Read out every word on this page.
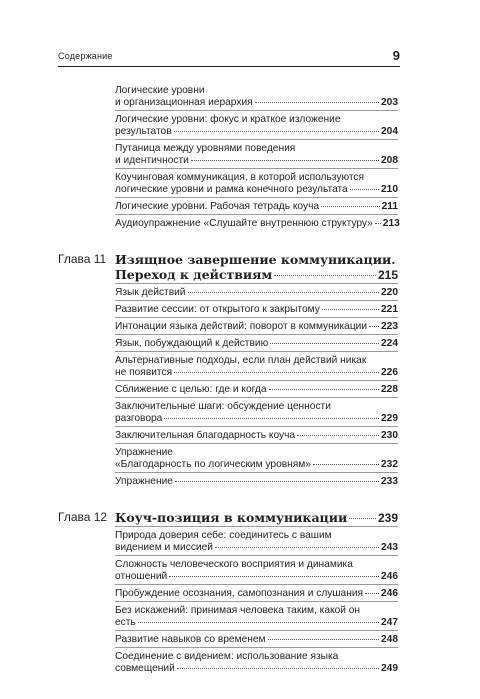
Содержание	9
Логические уровни
и организационная иерархия	203
Логические уровни: фокус и краткое изложение
результатов	204
Путаница между уровнями поведения
и идентичности	208
Коучинговая коммуникация, в которой используются
логические уровни и рамка конечного результата	210
Логические уровни. Рабочая тетрадь коуча	211
Аудиоупражнение «Слушайте внутреннюю структуру» 213
Глава 11 Изящное завершение коммуникации.
Переход к действиям	215
Язык действий	220
Развитие сессии: от открытого к закрытому	221
Интонации языка действий: поворот в коммуникации 223
Язык, побуждающий к действию	224
Альтернативные подходы, если план действий никак
не появится	226
Сближение с целью: где и когда	228
Заключительные шаги: обсуждение ценности
разговора	229
Заключительная благодарность коуча	230
Упражнение
«Благодарность по логическим уровням»	232
Упражнение	233
Глава 12 Коуч-позиция в коммуникации	239
Природа доверия себе: соединитесь с вашим
видением и миссией	243
Сложность человеческого восприятия и динамика
отношений	246
Пробуждение осознания, самопознания и слушания 246
Без искажений: принимая человека таким, какой он
есть	247
Развитие навыков со временем	248
Соединение с видением: использование языка
совмещений	249
